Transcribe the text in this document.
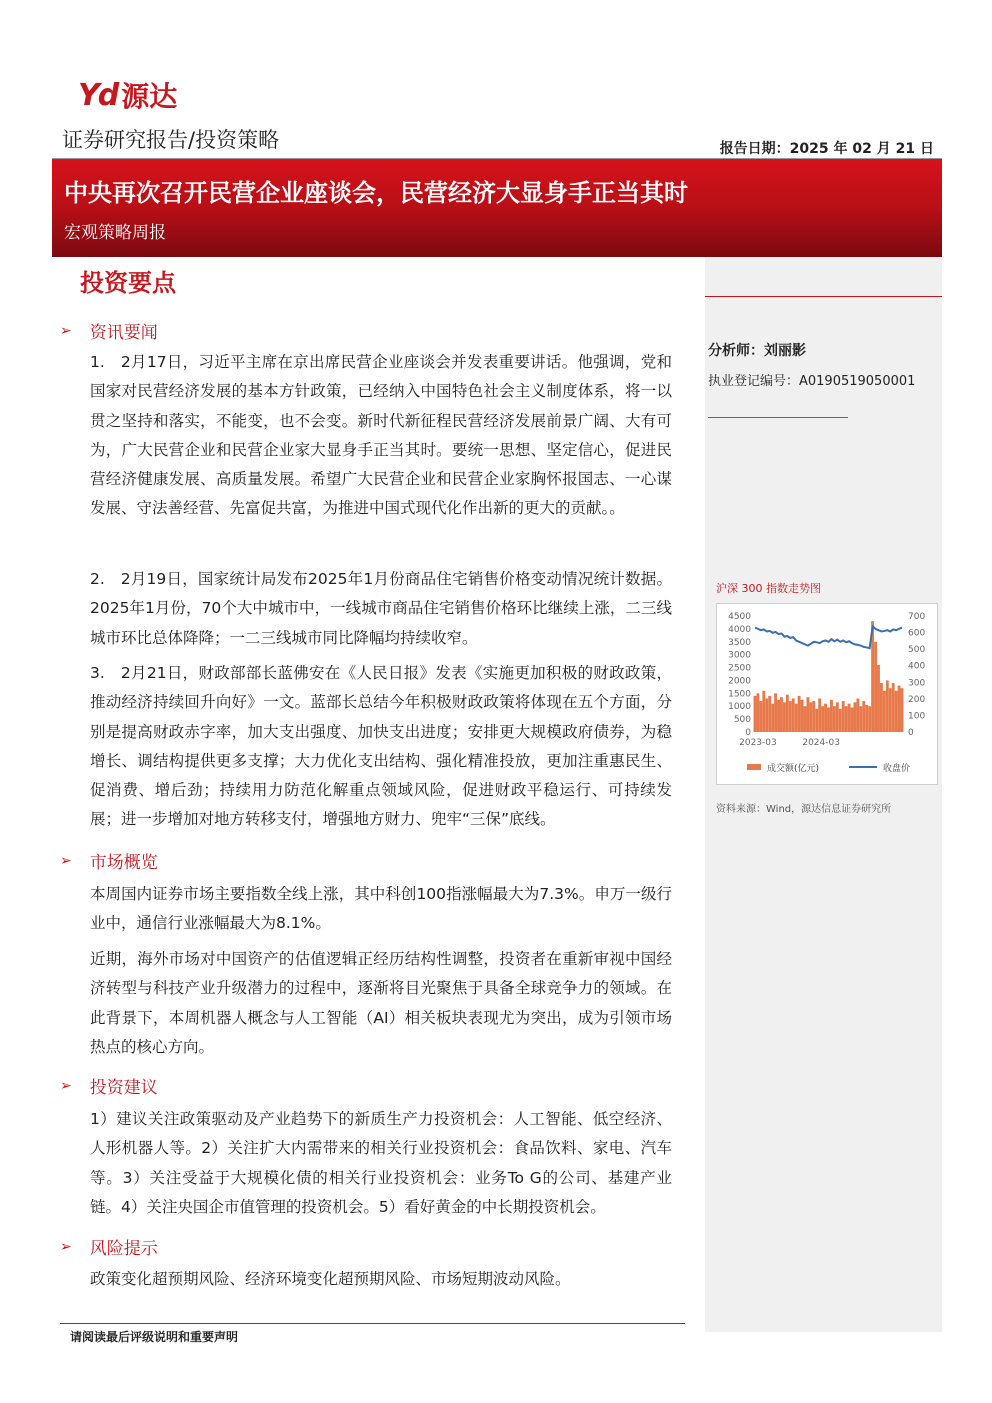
Yd 源达
证券研究报告/投资策略	报告日期：2025 年 02 月 21 日
中央再次召开民营企业座谈会，民营经济大显身手正当其时
宏观策略周报
分析师：刘丽影
执业登记编号：A0190519050001
沪深 300 指数走势图
0
500
1000
1500
2000
2500
3000
3500
4000
4500
0
100
200
300
400
500
600
700
2023-03	2024-03
成交额(亿元)	收盘价
资料来源：Wind，源达信息证券研究所
投资要点
➢ 资讯要闻
1.　2月17日，习近平主席在京出席民营企业座谈会并发表重要讲话。他强调，党和国家对民营经济发展的基本方针政策，已经纳入中国特色社会主义制度体系，将一以贯之坚持和落实，不能变，也不会变。新时代新征程民营经济发展前景广阔、大有可为，广大民营企业和民营企业家大显身手正当其时。要统一思想、坚定信心，促进民营经济健康发展、高质量发展。希望广大民营企业和民营企业家胸怀报国志、一心谋发展、守法善经营、先富促共富，为推进中国式现代化作出新的更大的贡献。。
2.　2月19日，国家统计局发布2025年1月份商品住宅销售价格变动情况统计数据。2025年1月份，70个大中城市中，一线城市商品住宅销售价格环比继续上涨，二三线城市环比总体降降；一二三线城市同比降幅均持续收窄。
3.　2月21日，财政部部长蓝佛安在《人民日报》发表《实施更加积极的财政政策，推动经济持续回升向好》一文。蓝部长总结今年积极财政政策将体现在五个方面，分别是提高财政赤字率，加大支出强度、加快支出进度；安排更大规模政府债券，为稳增长、调结构提供更多支撑；大力优化支出结构、强化精准投放，更加注重惠民生、促消费、增后劲；持续用力防范化解重点领域风险，促进财政平稳运行、可持续发展；进一步增加对地方转移支付，增强地方财力、兜牢“三保”底线。
➢ 市场概览
本周国内证券市场主要指数全线上涨，其中科创100指涨幅最大为7.3%。申万一级行业中，通信行业涨幅最大为8.1%。
近期，海外市场对中国资产的估值逻辑正经历结构性调整，投资者在重新审视中国经济转型与科技产业升级潜力的过程中，逐渐将目光聚焦于具备全球竞争力的领域。在此背景下，本周机器人概念与人工智能（AI）相关板块表现尤为突出，成为引领市场热点的核心方向。
➢ 投资建议
1）建议关注政策驱动及产业趋势下的新质生产力投资机会：人工智能、低空经济、人形机器人等。2）关注扩大内需带来的相关行业投资机会：食品饮料、家电、汽车等。3）关注受益于大规模化债的相关行业投资机会：业务To G的公司、基建产业链。4）关注央国企市值管理的投资机会。5）看好黄金的中长期投资机会。
➢ 风险提示
政策变化超预期风险、经济环境变化超预期风险、市场短期波动风险。
请阅读最后评级说明和重要声明
